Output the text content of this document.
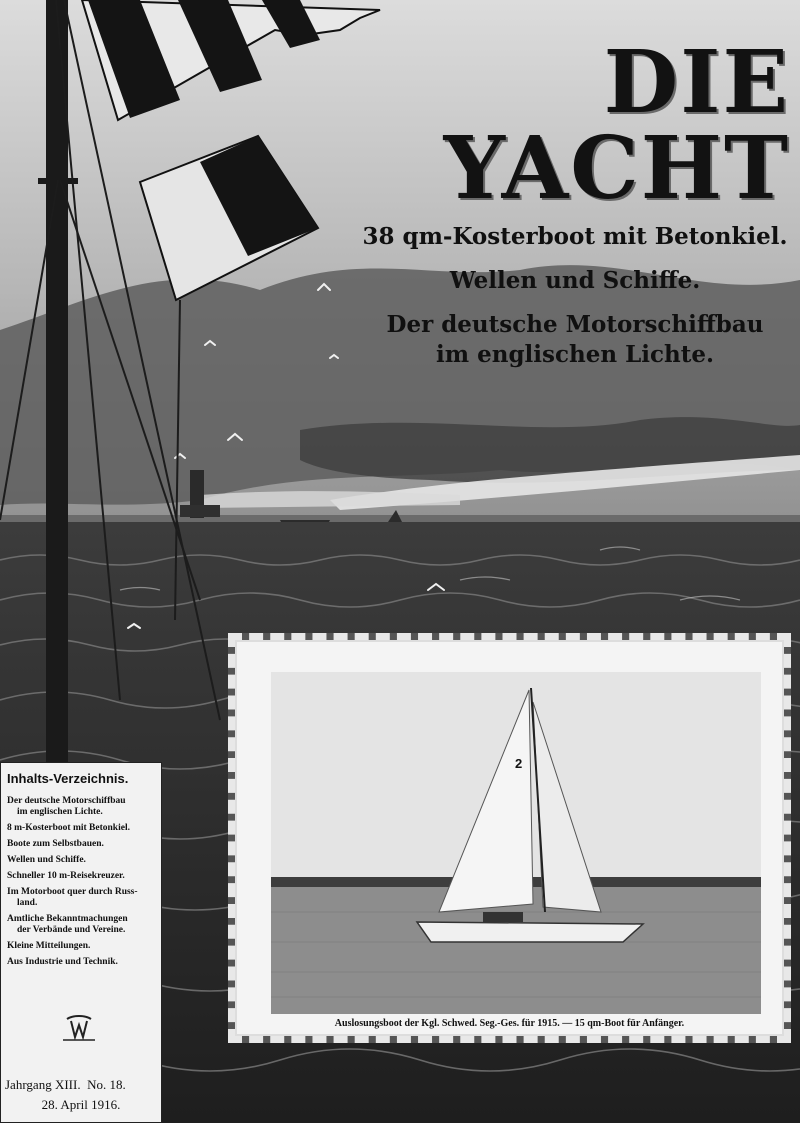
DIE YACHT

38 qm-Kosterboot mit Betonkiel.

Wellen und Schiffe.

Der deutsche Motorschiffbau

im englischen Lichte.

Inhalts-Verzeichnis.
Der deutsche Motorschiffbau
im englischen Lichte.
8 m-Kosterboot mit Betonkiel.
Boote zum Selbstbauen.
Wellen und Schiffe.
Schneller 10 m-Reisekreuzer.
Im Motorboot quer durch Russ-
land.
Amtliche Bekanntmachungen
der Verbände und Vereine.
Kleine Mitteilungen.
Aus Industrie und Technik.
Jahrgang XIII. No. 18.
28. April 1916.
2
Auslosungsboot der Kgl. Schwed. Seg.-Ges. für 1915. — 15 qm-Boot für Anfänger.
